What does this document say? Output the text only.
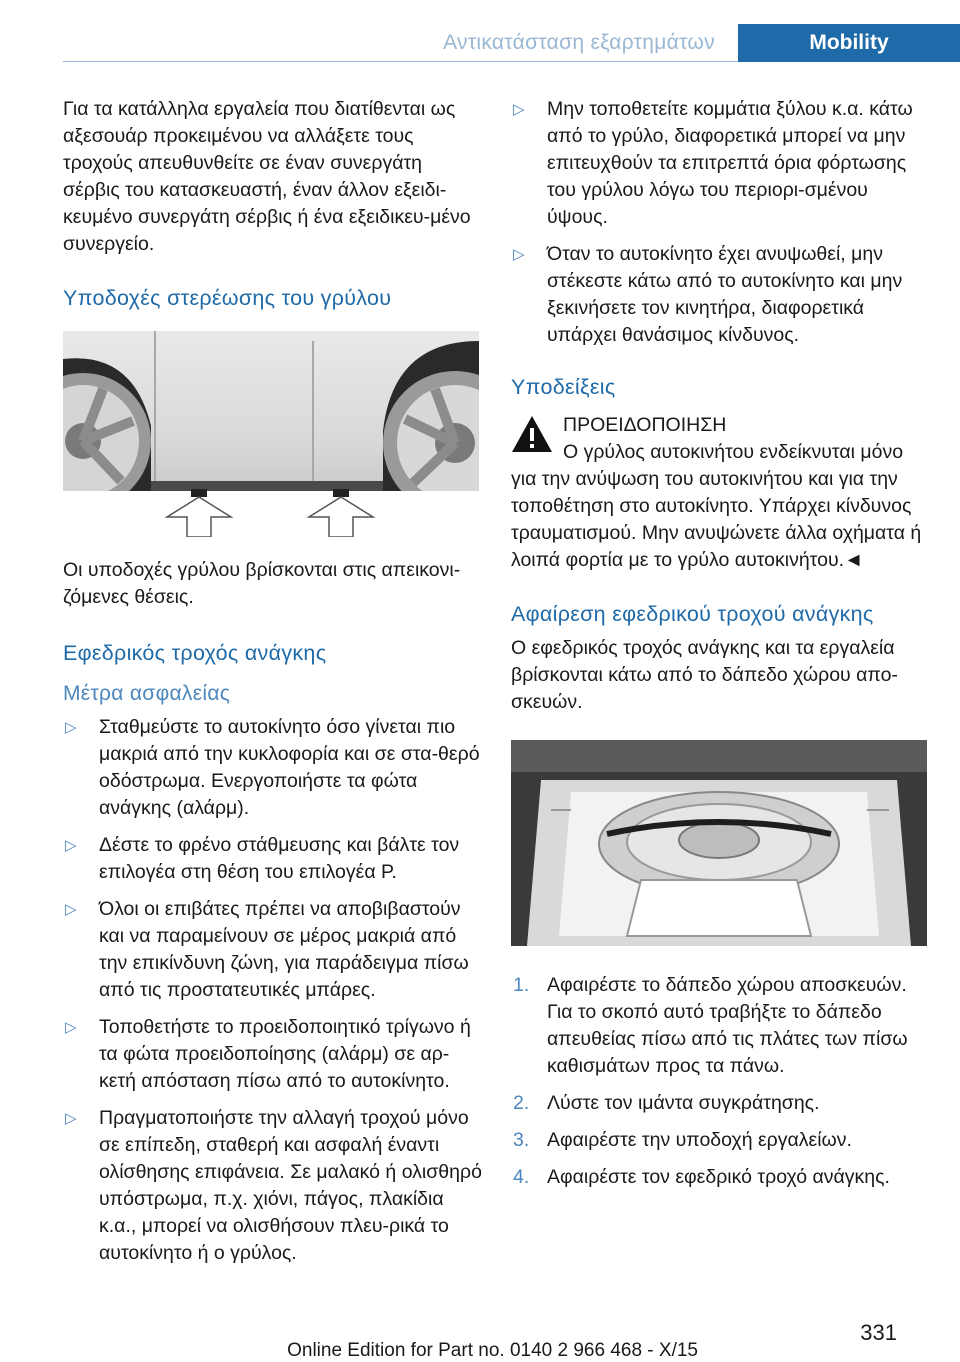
Αντικατάσταση εξαρτημάτων	Mobility

Για τα κατάλληλα εργαλεία που διατίθενται ως αξεσουάρ προκειμένου να αλλάξετε τους τροχούς απευθυνθείτε σε έναν συνεργάτη σέρβις του κατασκευαστή, έναν άλλον εξειδι‐κευμένο συνεργάτη σέρβις ή ένα εξειδικευ‐μένο συνεργείο.

Υποδοχές στερέωσης του γρύλου

Οι υποδοχές γρύλου βρίσκονται στις απεικονι‐ζόμενες θέσεις.

Εφεδρικός τροχός ανάγκης
Μέτρα ασφαλείας
▷ Σταθμεύστε το αυτοκίνητο όσο γίνεται πιο μακριά από την κυκλοφορία και σε στα‐θερό οδόστρωμα. Ενεργοποιήστε τα φώτα ανάγκης (αλάρμ).
▷ Δέστε το φρένο στάθμευσης και βάλτε τον επιλογέα στη θέση του επιλογέα P.
▷ Όλοι οι επιβάτες πρέπει να αποβιβαστούν και να παραμείνουν σε μέρος μακριά από την επικίνδυνη ζώνη, για παράδειγμα πίσω από τις προστατευτικές μπάρες.
▷ Τοποθετήστε το προειδοποιητικό τρίγωνο ή τα φώτα προειδοποίησης (αλάρμ) σε αρ‐κετή απόσταση πίσω από το αυτοκίνητο.
▷ Πραγματοποιήστε την αλλαγή τροχού μόνο σε επίπεδη, σταθερή και ασφαλή έναντι ολίσθησης επιφάνεια. Σε μαλακό ή ολισθηρό υπόστρωμα, π.χ. χιόνι, πάγος, πλακίδια κ.α., μπορεί να ολισθήσουν πλευ‐ρικά το αυτοκίνητο ή ο γρύλος.
▷ Μην τοποθετείτε κομμάτια ξύλου κ.α. κάτω από το γρύλο, διαφορετικά μπορεί να μην επιτευχθούν τα επιτρεπτά όρια φόρτωσης του γρύλου λόγω του περιορι‐σμένου ύψους.
▷ Όταν το αυτοκίνητο έχει ανυψωθεί, μην στέκεστε κάτω από το αυτοκίνητο και μην ξεκινήσετε τον κινητήρα, διαφορετικά υπάρχει θανάσιμος κίνδυνος.
Υποδείξεις

ΠΡΟΕΙΔΟΠΟΙΗΣΗ

Ο γρύλος αυτοκινήτου ενδείκνυται μόνο

για την ανύψωση του αυτοκινήτου και για την τοποθέτηση στο αυτοκίνητο. Υπάρχει κίνδυνος τραυματισμού. Μην ανυψώνετε άλλα οχήματα ή λοιπά φορτία με το γρύλο αυτοκινήτου.◄

Αφαίρεση εφεδρικού τροχού ανάγκης

Ο εφεδρικός τροχός ανάγκης και τα εργαλεία βρίσκονται κάτω από το δάπεδο χώρου απο‐σκευών.

1. Αφαιρέστε το δάπεδο χώρου αποσκευών. Για το σκοπό αυτό τραβήξτε το δάπεδο απευθείας πίσω από τις πλάτες των πίσω καθισμάτων προς τα πάνω.
2. Λύστε τον ιμάντα συγκράτησης.
3. Αφαιρέστε την υποδοχή εργαλείων.
4. Αφαιρέστε τον εφεδρικό τροχό ανάγκης.
331
Online Edition for Part no. 0140 2 966 468 - X/15
